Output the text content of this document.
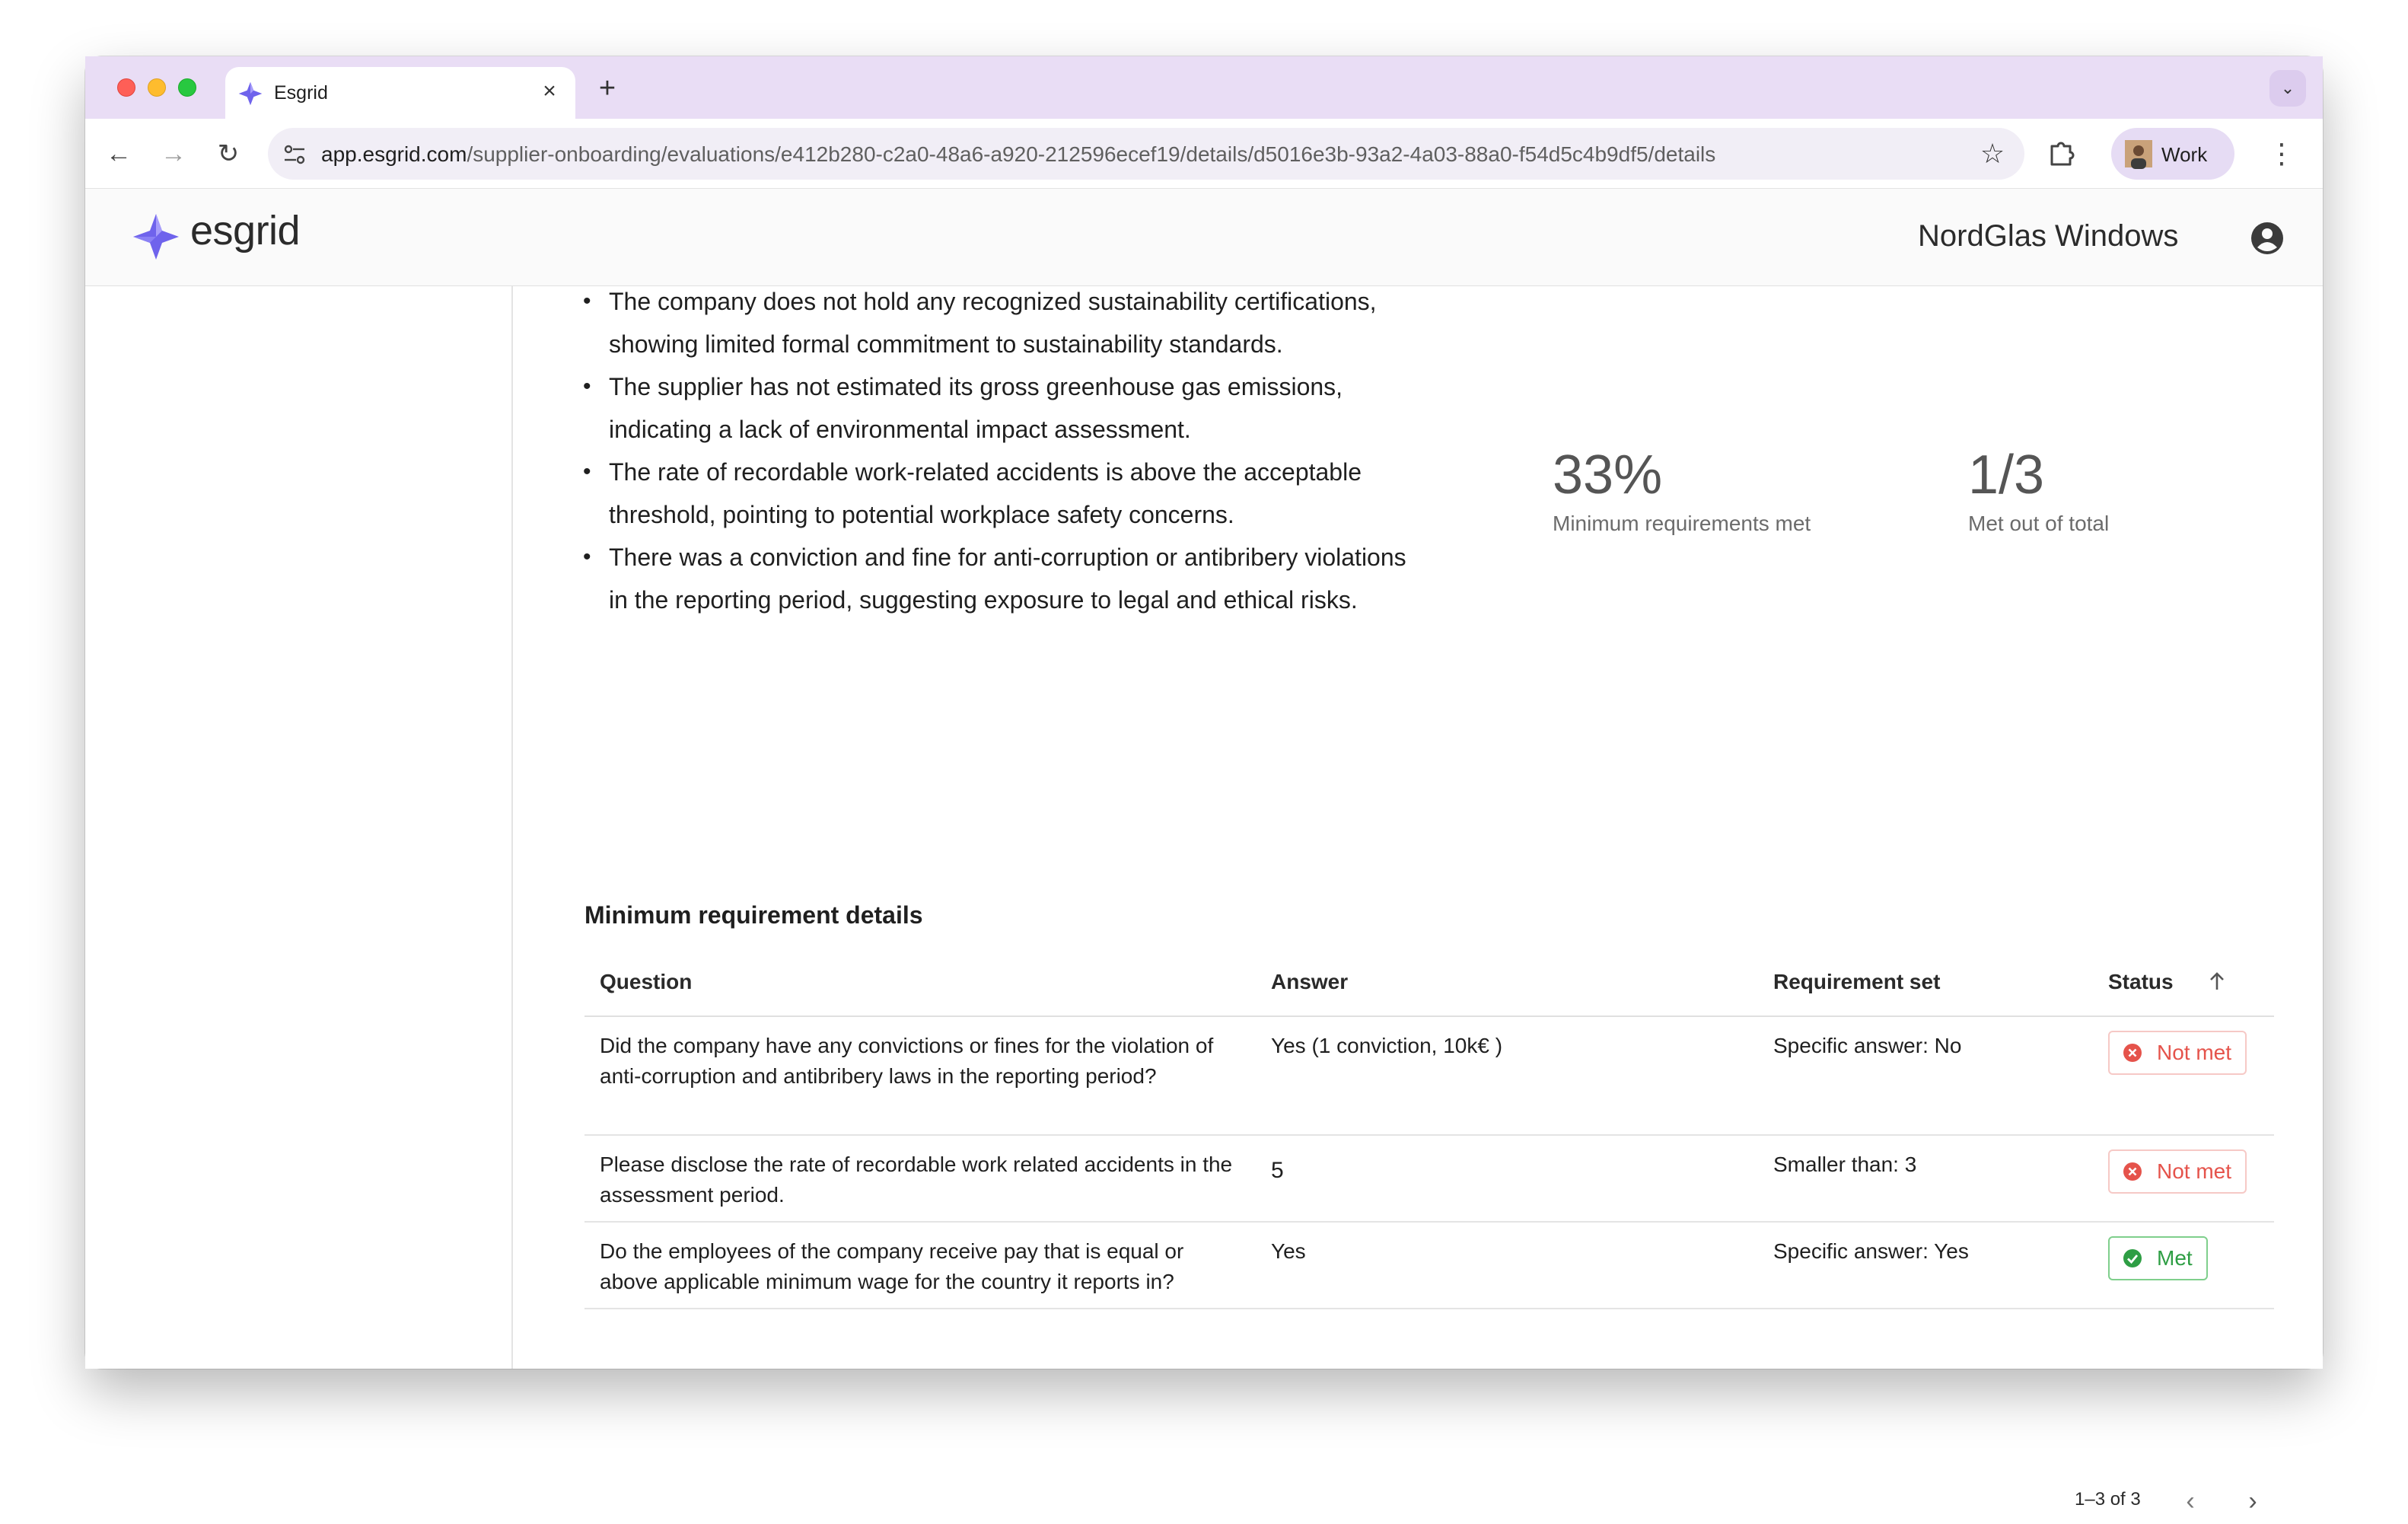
Esgrid	× +	⌄
← → ↻	app.esgrid.com/supplier-onboarding/evaluations/e412b280-c2a0-48a6-a920-212596ecef19/details/d5016e3b-93a2-4a03-88a0-f54d5c4b9df5/details	☆	Work ⋮
esgrid	NordGlas Windows
•
• The company does not hold any recognized sustainability certifications, showing limited formal commitment to sustainability standards.
• The supplier has not estimated its gross greenhouse gas emissions, indicating a lack of environmental impact assessment.
• The rate of recordable work-related accidents is above the acceptable threshold, pointing to potential workplace safety concerns.
• There was a conviction and fine for anti-corruption or antibribery violations in the reporting period, suggesting exposure to legal and ethical risks.
33%
Minimum requirements met
1/3
Met out of total
Minimum requirement details
Question	Answer	Requirement set	Status
Did the company have any convictions or fines for the violation of anti-corruption and antibribery laws in the reporting period?
Yes (1 conviction, 10k€ )	Specific answer: No	Not met
Please disclose the rate of recordable work related accidents in the assessment period.
5	Smaller than: 3	Not met
Do the employees of the company receive pay that is equal or above applicable minimum wage for the country it reports in?
Yes	Specific answer: Yes	Met
1–3 of 3	‹	›
